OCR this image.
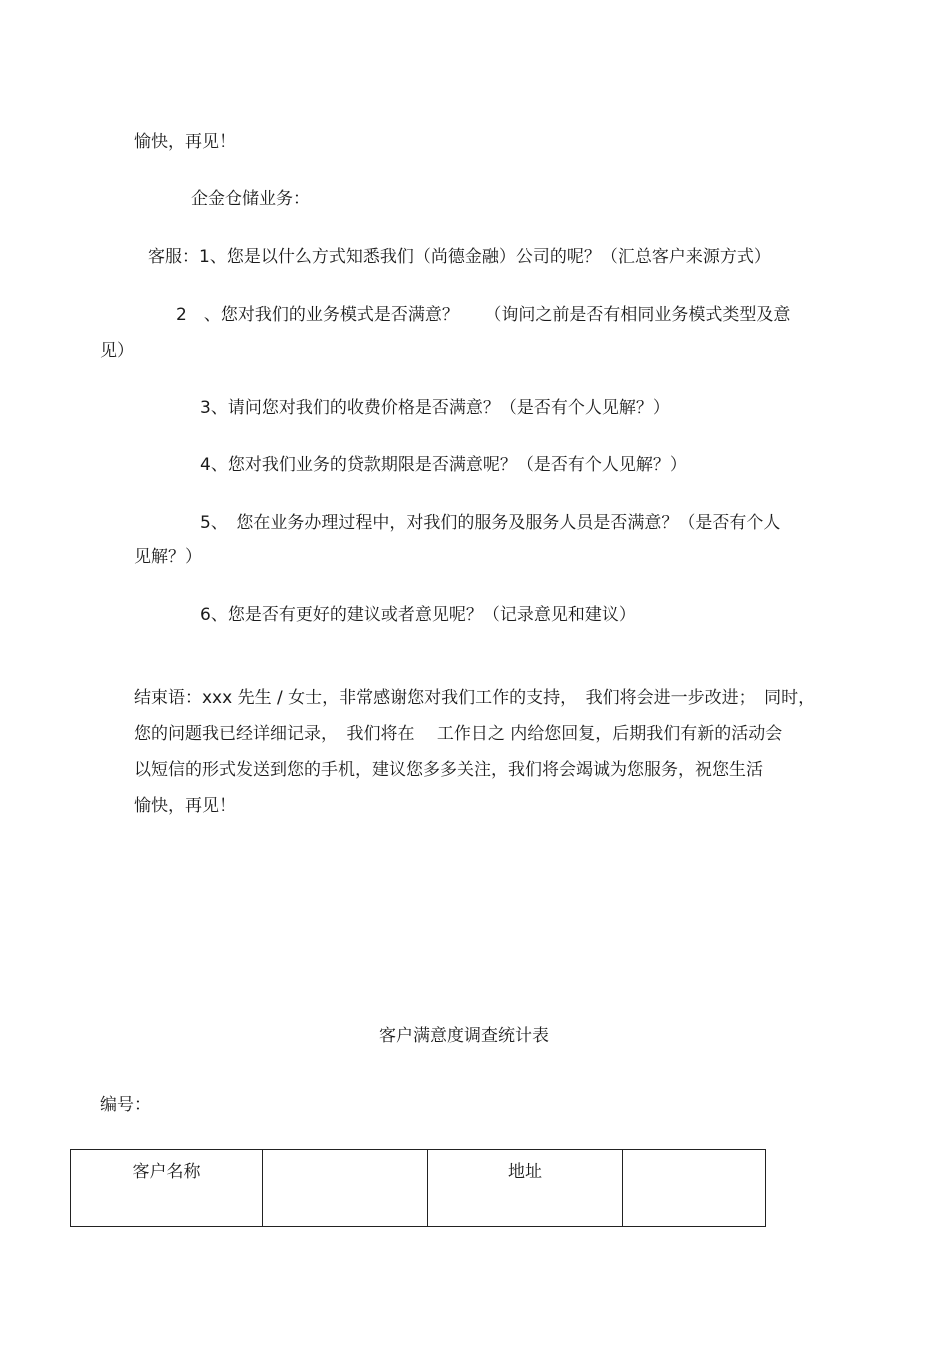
愉快，再见！
企金仓储业务：
客服：1、您是以什么方式知悉我们（尚德金融）公司的呢？（汇总客户来源方式）
2　、您对我们的业务模式是否满意？　　（询问之前是否有相同业务模式类型及意
见）
3、请问您对我们的收费价格是否满意？（是否有个人见解？）
4、您对我们业务的贷款期限是否满意呢？（是否有个人见解？）
5、　您在业务办理过程中，对我们的服务及服务人员是否满意？（是否有个人
见解？）
6、您是否有更好的建议或者意见呢？（记录意见和建议）
结束语：xxx 先生 / 女士，非常感谢您对我们工作的支持，　我们将会进一步改进；　同时，
您的问题我已经详细记录，　我们将在　 工作日之 内给您回复，后期我们有新的活动会
以短信的形式发送到您的手机，建议您多多关注，我们将会竭诚为您服务，祝您生活
愉快，再见！
客户满意度调查统计表
编号：
客户名称		地址	
